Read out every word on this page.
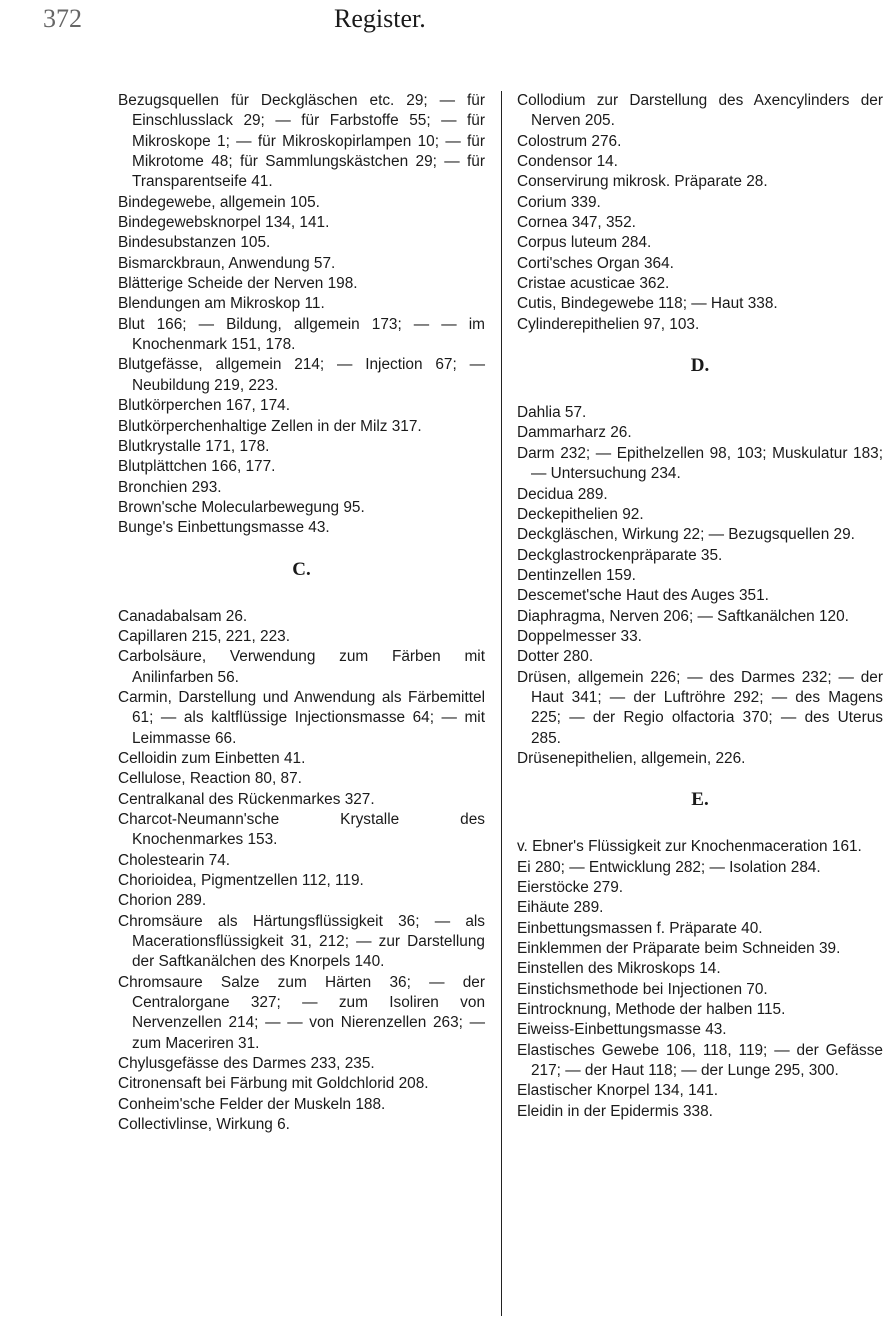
372	Register.

Bezugsquellen für Deckgläschen etc. 29; — für Einschlusslack 29; — für Farbstoffe 55; — für Mikroskope 1; — für Mikroskopirlampen 10; — für Mikrotome 48; für Sammlungskästchen 29; — für Transparentseife 41.

Bindegewebe, allgemein 105.

Bindegewebsknorpel 134, 141.

Bindesubstanzen 105.

Bismarckbraun, Anwendung 57.

Blätterige Scheide der Nerven 198.

Blendungen am Mikroskop 11.

Blut 166; — Bildung, allgemein 173; — — im Knochenmark 151, 178.

Blutgefässe, allgemein 214; — Injection 67; — Neubildung 219, 223.

Blutkörperchen 167, 174.

Blutkörperchenhaltige Zellen in der Milz 317.

Blutkrystalle 171, 178.

Blutplättchen 166, 177.

Bronchien 293.

Brown'sche Molecularbewegung 95.

Bunge's Einbettungsmasse 43.

C.

Canadabalsam 26.

Capillaren 215, 221, 223.

Carbolsäure, Verwendung zum Färben mit Anilinfarben 56.

Carmin, Darstellung und Anwendung als Färbemittel 61; — als kaltflüssige Injectionsmasse 64; — mit Leimmasse 66.

Celloidin zum Einbetten 41.

Cellulose, Reaction 80, 87.

Centralkanal des Rückenmarkes 327.

Charcot-Neumann'sche Krystalle des Knochenmarkes 153.

Cholestearin 74.

Chorioidea, Pigmentzellen 112, 119.

Chorion 289.

Chromsäure als Härtungsflüssigkeit 36; — als Macerationsflüssigkeit 31, 212; — zur Darstellung der Saftkanälchen des Knorpels 140.

Chromsaure Salze zum Härten 36; — der Centralorgane 327; — zum Isoliren von Nervenzellen 214; — — von Nierenzellen 263; — zum Maceriren 31.

Chylusgefässe des Darmes 233, 235.

Citronensaft bei Färbung mit Goldchlorid 208.

Conheim'sche Felder der Muskeln 188.

Collectivlinse, Wirkung 6.

Collodium zur Darstellung des Axencylinders der Nerven 205.

Colostrum 276.

Condensor 14.

Conservirung mikrosk. Präparate 28.

Corium 339.

Cornea 347, 352.

Corpus luteum 284.

Corti'sches Organ 364.

Cristae acusticae 362.

Cutis, Bindegewebe 118; — Haut 338.

Cylinderepithelien 97, 103.

D.

Dahlia 57.

Dammarharz 26.

Darm 232; — Epithelzellen 98, 103; Muskulatur 183; — Untersuchung 234.

Decidua 289.

Deckepithelien 92.

Deckgläschen, Wirkung 22; — Bezugsquellen 29.

Deckglastrockenpräparate 35.

Dentinzellen 159.

Descemet'sche Haut des Auges 351.

Diaphragma, Nerven 206; — Saftkanälchen 120.

Doppelmesser 33.

Dotter 280.

Drüsen, allgemein 226; — des Darmes 232; — der Haut 341; — der Luftröhre 292; — des Magens 225; — der Regio olfactoria 370; — des Uterus 285.

Drüsenepithelien, allgemein, 226.

E.

v. Ebner's Flüssigkeit zur Knochenmaceration 161.

Ei 280; — Entwicklung 282; — Isolation 284.

Eierstöcke 279.

Eihäute 289.

Einbettungsmassen f. Präparate 40.

Einklemmen der Präparate beim Schneiden 39.

Einstellen des Mikroskops 14.

Einstichsmethode bei Injectionen 70.

Eintrocknung, Methode der halben 115.

Eiweiss-Einbettungsmasse 43.

Elastisches Gewebe 106, 118, 119; — der Gefässe 217; — der Haut 118; — der Lunge 295, 300.

Elastischer Knorpel 134, 141.

Eleidin in der Epidermis 338.
